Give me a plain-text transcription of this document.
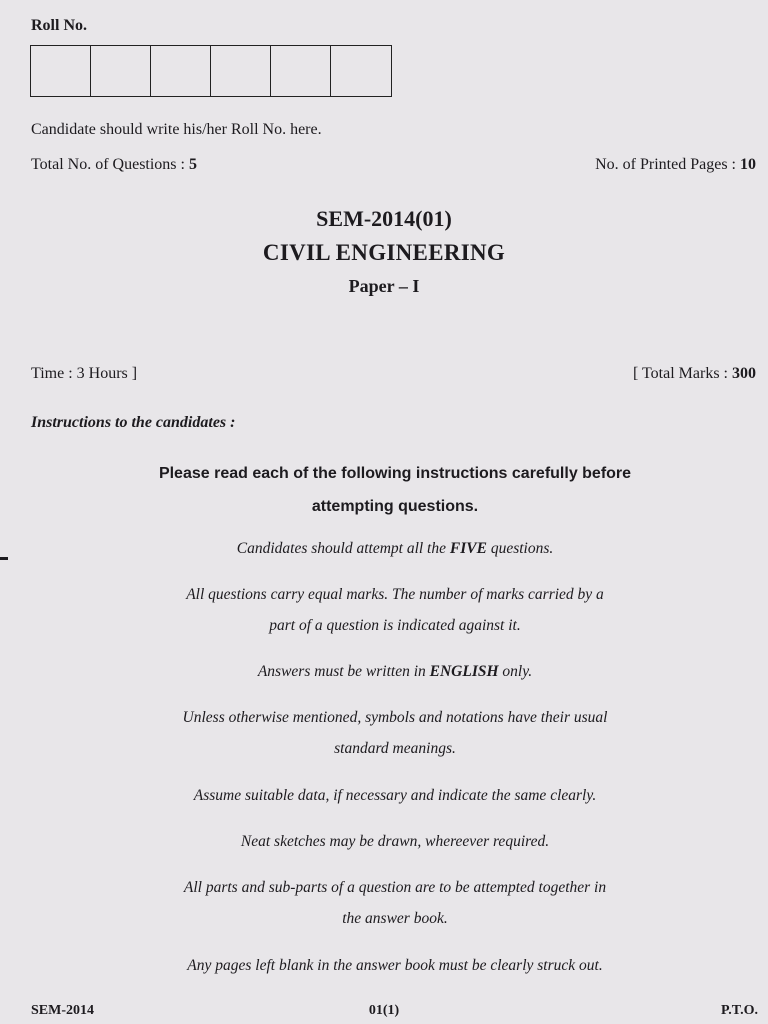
Roll No.
Candidate should write his/her Roll No. here.
Total No. of Questions : 5	No. of Printed Pages : 10
SEM-2014(01)
CIVIL ENGINEERING
Paper – I
Time : 3 Hours ]	[ Total Marks : 300
Instructions to the candidates :
Please read each of the following instructions carefully before
attempting questions.
Candidates should attempt all the FIVE questions.
All questions carry equal marks. The number of marks carried by a
part of a question is indicated against it.
Answers must be written in ENGLISH only.
Unless otherwise mentioned, symbols and notations have their usual
standard meanings.
Assume suitable data, if necessary and indicate the same clearly.
Neat sketches may be drawn, whereever required.
All parts and sub-parts of a question are to be attempted together in
the answer book.
Any pages left blank in the answer book must be clearly struck out.
SEM-2014	01(1)	P.T.O.
